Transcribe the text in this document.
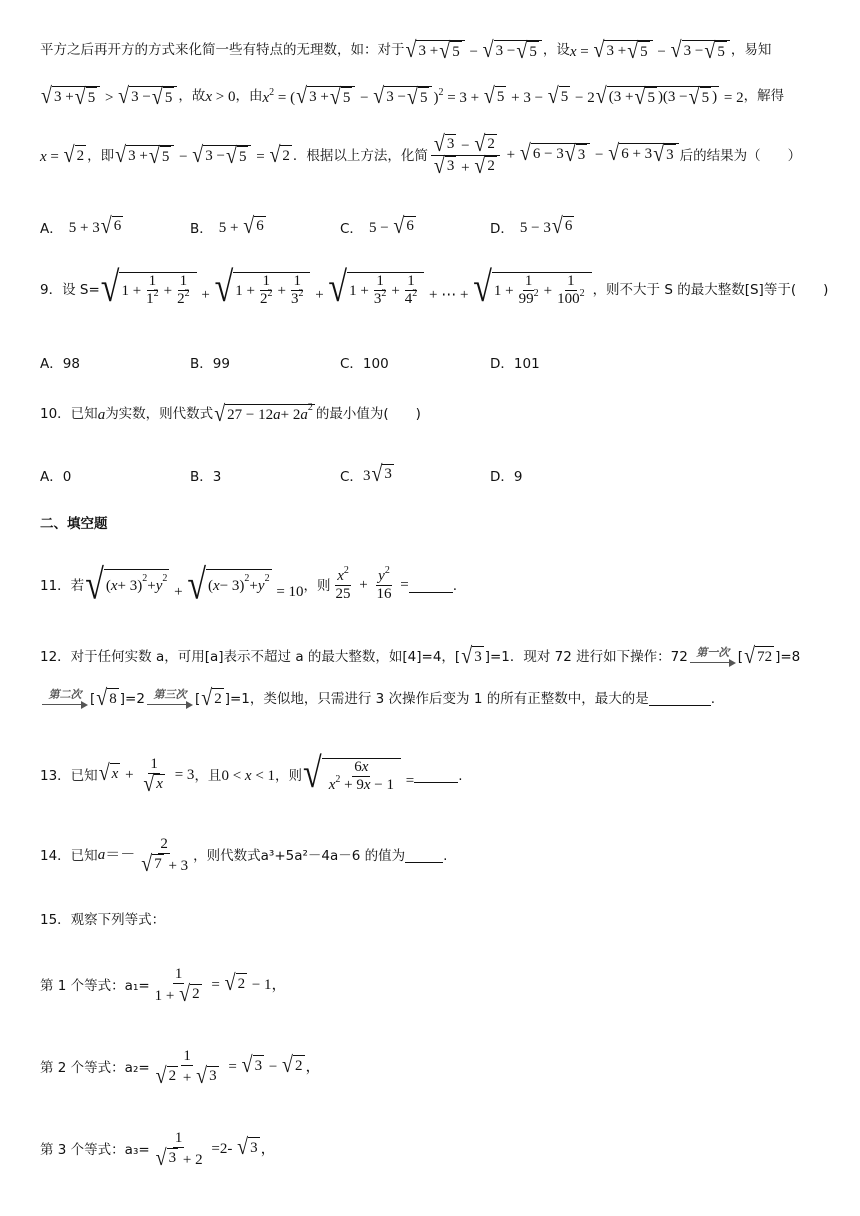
平方之后再开方的方式来化简一些有特点的无理数，如：对于 √ 3 + √ 5 − √ 3 − √ 5 ，设 x = √ 3 + √ 5 − √ 3 − √ 5 ，易知
√ 3 + √ 5 > √ 3 − √ 5 ，故 x > 0 ，由 $x^2$ = ( √ 3 + √ 5 − √ 3 − √ 5 )$^2$ = 3 + √ 5 + 3 − √ 5 − 2 √ (3 + √ 5 )(3 − √ 5 ) = 2 ，解得
x = √ 2 ，即 √ 3 + √ 5 − √ 3 − √ 5 = √ 2 ．根据以上方法，化简 $\frac{√ 3 - √ 2}{√ 3 + √ 2}$ + √ 6 − 3 √ 3 − √ 6 + 3 √ 3 后的结果为（　　）
A． 5 + 3 √ 6	B． 5 + √ 6	C． 5 − √ 6	D． 5 − 3 √ 6
9．设 S= √ $1 + \frac{1}{1^2} + \frac{1}{2^2}$ + √ $1 + \frac{1}{2^2} + \frac{1}{3^2}$ + √ $1 + \frac{1}{3^2} + \frac{1}{4^2}$ + ⋯ + √ $1 + \frac{1}{99^2} + \frac{1}{100^2}$ ，则不大于 S 的最大整数[S]等于(　　)
A．98	B．99	C．100	D．101
10．已知 a 为实数，则代数式 √ 27 − 12 a + 2 a 2 的最小值为(　　)
A．0	B．3	C． 3 √ 3	D．9
二、填空题
11．若 √ ( x + 3) 2 + y 2
+ √ ( x − 3) 2 + y 2
= 10 ，则 $\frac{x^2}{25} + \frac{y^2}{16}$ =	.
12．对于任何实数 a，可用[a]表示不超过 a 的最大整数，如[4]=4，[ √ 3 ]=1．现对 72 进行如下操作：72 第一次 [ √ 72 ]=8
第二次 [ √ 8 ]=2 第三次 [ √ 2 ]=1，类似地，只需进行 3 次操作后变为 1 的所有正整数中，最大的是	.
13．已知 √ $x + \frac{1}{√ x} = 3$ ，且 0 < x < 1 ，则 √ $\frac{6x}{x^2 + 9x - 1}$ =	.
14．已知 $a=- \frac{2}{√ 7 + 3}$ ，则代数式 a³+5a²－4a－6 的值为	.
15．观察下列等式：
第 1 个等式：$a_1= \frac{1}{1 + √ 2}$ = √ 2 − 1，
第 2 个等式：$a_2= \frac{1}{√ 2 + √ 3}$ = √ 3 − √ 2 ，
第 3 个等式：$a_3= \frac{1}{√ 3 + 2} =2-$ √ 3 ，
